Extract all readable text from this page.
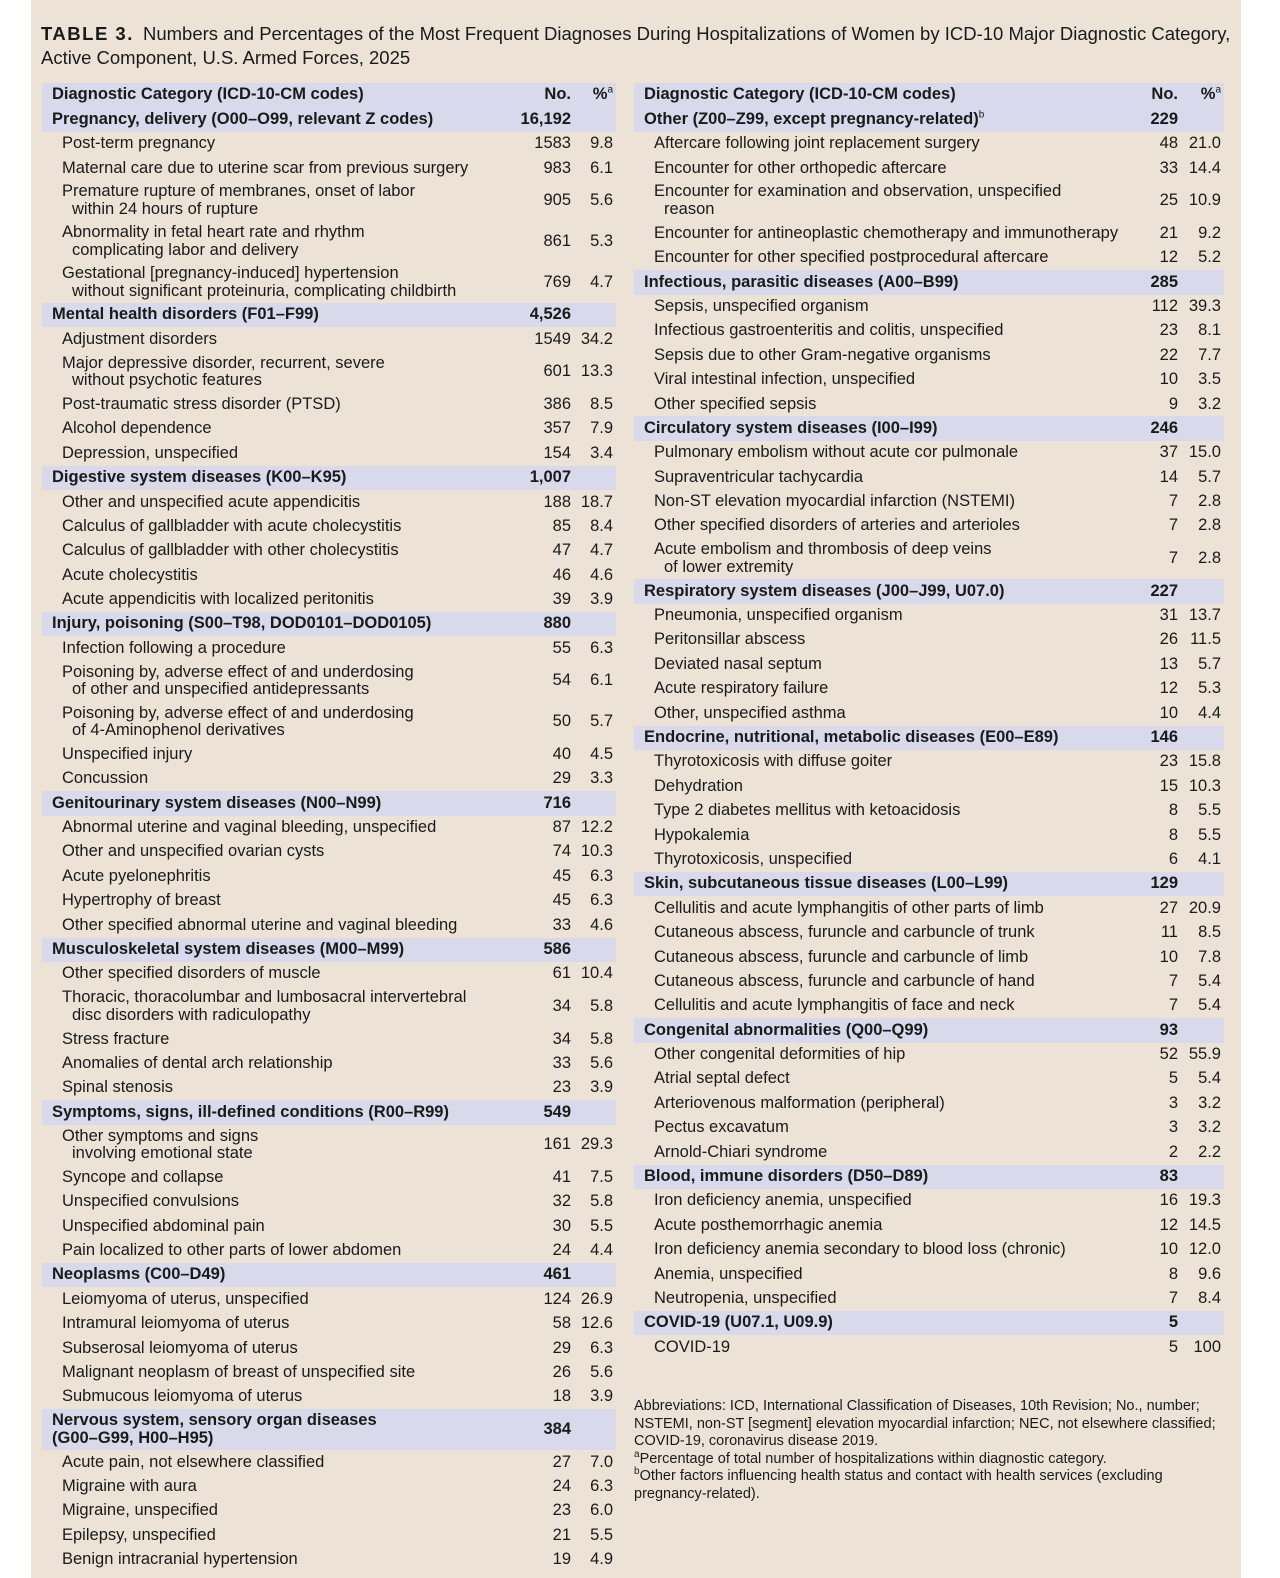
TABLE 3. Numbers and Percentages of the Most Frequent Diagnoses During Hospitalizations of Women by ICD-10 Major Diagnostic Category, Active Component, U.S. Armed Forces, 2025

Diagnostic Category (ICD-10-CM codes)	No.	%$^a$
Pregnancy, delivery (O00–O99, relevant Z codes)	16,192	
Post-term pregnancy	1583	9.8
Maternal care due to uterine scar from previous surgery	983	6.1
Premature rupture of membranes, onset of labor
within 24 hours of rupture	905	5.6
Abnormality in fetal heart rate and rhythm
complicating labor and delivery	861	5.3
Gestational [pregnancy-induced] hypertension
without significant proteinuria, complicating childbirth	769	4.7
Mental health disorders (F01–F99)	4,526	
Adjustment disorders	1549	34.2
Major depressive disorder, recurrent, severe
without psychotic features	601	13.3
Post-traumatic stress disorder (PTSD)	386	8.5
Alcohol dependence	357	7.9
Depression, unspecified	154	3.4
Digestive system diseases (K00–K95)	1,007	
Other and unspecified acute appendicitis	188	18.7
Calculus of gallbladder with acute cholecystitis	85	8.4
Calculus of gallbladder with other cholecystitis	47	4.7
Acute cholecystitis	46	4.6
Acute appendicitis with localized peritonitis	39	3.9
Injury, poisoning (S00–T98, DOD0101–DOD0105)	880	
Infection following a procedure	55	6.3
Poisoning by, adverse effect of and underdosing
of other and unspecified antidepressants	54	6.1
Poisoning by, adverse effect of and underdosing
of 4-Aminophenol derivatives	50	5.7
Unspecified injury	40	4.5
Concussion	29	3.3
Genitourinary system diseases (N00–N99)	716	
Abnormal uterine and vaginal bleeding, unspecified	87	12.2
Other and unspecified ovarian cysts	74	10.3
Acute pyelonephritis	45	6.3
Hypertrophy of breast	45	6.3
Other specified abnormal uterine and vaginal bleeding	33	4.6
Musculoskeletal system diseases (M00–M99)	586	
Other specified disorders of muscle	61	10.4
Thoracic, thoracolumbar and lumbosacral intervertebral
disc disorders with radiculopathy	34	5.8
Stress fracture	34	5.8
Anomalies of dental arch relationship	33	5.6
Spinal stenosis	23	3.9
Symptoms, signs, ill-defined conditions (R00–R99)	549	
Other symptoms and signs
involving emotional state	161	29.3
Syncope and collapse	41	7.5
Unspecified convulsions	32	5.8
Unspecified abdominal pain	30	5.5
Pain localized to other parts of lower abdomen	24	4.4
Neoplasms (C00–D49)	461	
Leiomyoma of uterus, unspecified	124	26.9
Intramural leiomyoma of uterus	58	12.6
Subserosal leiomyoma of uterus	29	6.3
Malignant neoplasm of breast of unspecified site	26	5.6
Submucous leiomyoma of uterus	18	3.9
Nervous system, sensory organ diseases
(G00–G99, H00–H95)	384	
Acute pain, not elsewhere classified	27	7.0
Migraine with aura	24	6.3
Migraine, unspecified	23	6.0
Epilepsy, unspecified	21	5.5
Benign intracranial hypertension	19	4.9
Diagnostic Category (ICD-10-CM codes)	No.	%$^a$
Other (Z00–Z99, except pregnancy-related)$^b$	229	
Aftercare following joint replacement surgery	48	21.0
Encounter for other orthopedic aftercare	33	14.4
Encounter for examination and observation, unspecified
reason	25	10.9
Encounter for antineoplastic chemotherapy and immunotherapy	21	9.2
Encounter for other specified postprocedural aftercare	12	5.2
Infectious, parasitic diseases (A00–B99)	285	
Sepsis, unspecified organism	112	39.3
Infectious gastroenteritis and colitis, unspecified	23	8.1
Sepsis due to other Gram-negative organisms	22	7.7
Viral intestinal infection, unspecified	10	3.5
Other specified sepsis	9	3.2
Circulatory system diseases (I00–I99)	246	
Pulmonary embolism without acute cor pulmonale	37	15.0
Supraventricular tachycardia	14	5.7
Non-ST elevation myocardial infarction (NSTEMI)	7	2.8
Other specified disorders of arteries and arterioles	7	2.8
Acute embolism and thrombosis of deep veins
of lower extremity	7	2.8
Respiratory system diseases (J00–J99, U07.0)	227	
Pneumonia, unspecified organism	31	13.7
Peritonsillar abscess	26	11.5
Deviated nasal septum	13	5.7
Acute respiratory failure	12	5.3
Other, unspecified asthma	10	4.4
Endocrine, nutritional, metabolic diseases (E00–E89)	146	
Thyrotoxicosis with diffuse goiter	23	15.8
Dehydration	15	10.3
Type 2 diabetes mellitus with ketoacidosis	8	5.5
Hypokalemia	8	5.5
Thyrotoxicosis, unspecified	6	4.1
Skin, subcutaneous tissue diseases (L00–L99)	129	
Cellulitis and acute lymphangitis of other parts of limb	27	20.9
Cutaneous abscess, furuncle and carbuncle of trunk	11	8.5
Cutaneous abscess, furuncle and carbuncle of limb	10	7.8
Cutaneous abscess, furuncle and carbuncle of hand	7	5.4
Cellulitis and acute lymphangitis of face and neck	7	5.4
Congenital abnormalities (Q00–Q99)	93	
Other congenital deformities of hip	52	55.9
Atrial septal defect	5	5.4
Arteriovenous malformation (peripheral)	3	3.2
Pectus excavatum	3	3.2
Arnold-Chiari syndrome	2	2.2
Blood, immune disorders (D50–D89)	83	
Iron deficiency anemia, unspecified	16	19.3
Acute posthemorrhagic anemia	12	14.5
Iron deficiency anemia secondary to blood loss (chronic)	10	12.0
Anemia, unspecified	8	9.6
Neutropenia, unspecified	7	8.4
COVID-19 (U07.1, U09.9)	5	
COVID-19	5	100

Abbreviations: ICD, International Classification of Diseases, 10th Revision; No., number; NSTEMI, non-ST [segment] elevation myocardial infarction; NEC, not elsewhere classified; COVID-19, coronavirus disease 2019.

$^a$Percentage of total number of hospitalizations within diagnostic category.

$^b$Other factors influencing health status and contact with health services (excluding pregnancy-related).
